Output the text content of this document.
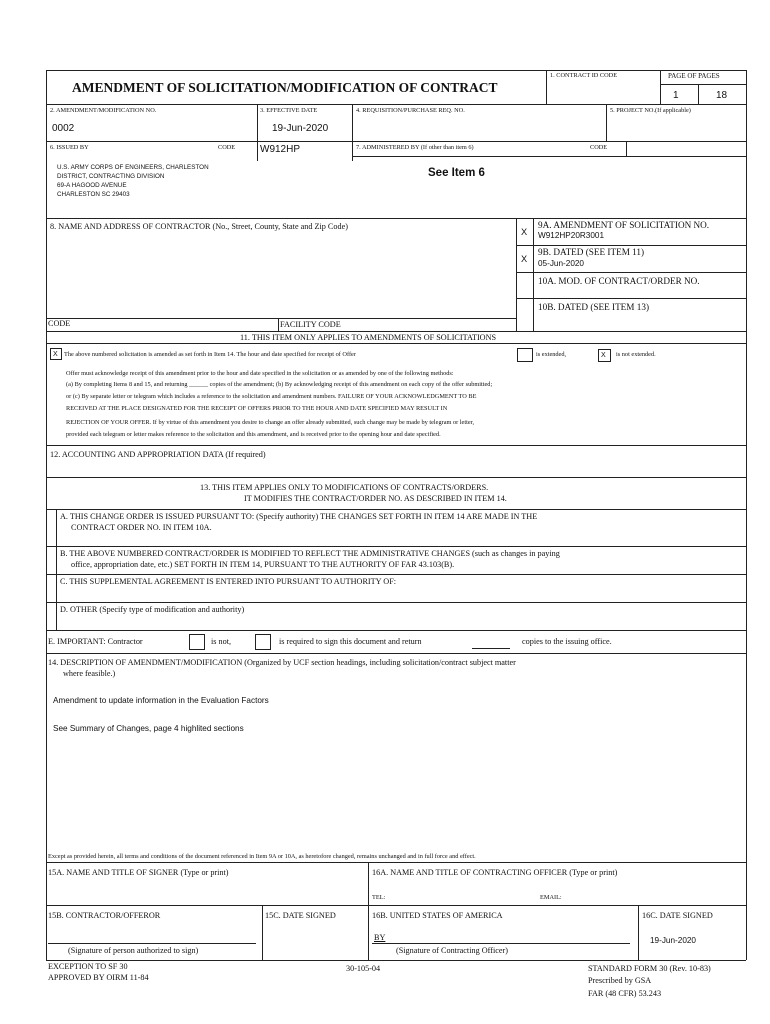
AMENDMENT OF SOLICITATION/MODIFICATION OF CONTRACT
1. CONTRACT ID CODE	PAGE OF PAGES
1	18
2. AMENDMENT/MODIFICATION NO.
0002
3. EFFECTIVE DATE
19-Jun-2020
4. REQUISITION/PURCHASE REQ. NO.	5. PROJECT NO.(If applicable)
6. ISSUED BY	CODE W912HP	7. ADMINISTERED BY (If other than item 6)	CODE
U.S. ARMY CORPS OF ENGINEERS, CHARLESTON
DISTRICT, CONTRACTING DIVISION
69-A HAGOOD AVENUE
CHARLESTON SC 29403
See Item 6
8. NAME AND ADDRESS OF CONTRACTOR (No., Street, County, State and Zip Code)
X
9A. AMENDMENT OF SOLICITATION NO.
W912HP20R3001
X
9B. DATED (SEE ITEM 11)
05-Jun-2020
10A. MOD. OF CONTRACT/ORDER NO.
10B. DATED (SEE ITEM 13)
CODE	FACILITY CODE
11. THIS ITEM ONLY APPLIES TO AMENDMENTS OF SOLICITATIONS
X The above numbered solicitation is amended as set forth in Item 14. The hour and date specified for receipt of Offer	is extended,	X is not extended.
Offer must acknowledge receipt of this amendment prior to the hour and date specified in the solicitation or as amended by one of the following methods:
(a) By completing Items 8 and 15, and returning ______ copies of the amendment; (b) By acknowledging receipt of this amendment on each copy of the offer submitted;
or (c) By separate letter or telegram which includes a reference to the solicitation and amendment numbers. FAILURE OF YOUR ACKNOWLEDGMENT TO BE
RECEIVED AT THE PLACE DESIGNATED FOR THE RECEIPT OF OFFERS PRIOR TO THE HOUR AND DATE SPECIFIED MAY RESULT IN
REJECTION OF YOUR OFFER. If by virtue of this amendment you desire to change an offer already submitted, such change may be made by telegram or letter,
provided each telegram or letter makes reference to the solicitation and this amendment, and is received prior to the opening hour and date specified.
12. ACCOUNTING AND APPROPRIATION DATA (If required)
13. THIS ITEM APPLIES ONLY TO MODIFICATIONS OF CONTRACTS/ORDERS.
IT MODIFIES THE CONTRACT/ORDER NO. AS DESCRIBED IN ITEM 14.
A. THIS CHANGE ORDER IS ISSUED PURSUANT TO: (Specify authority) THE CHANGES SET FORTH IN ITEM 14 ARE MADE IN THE
CONTRACT ORDER NO. IN ITEM 10A.
B. THE ABOVE NUMBERED CONTRACT/ORDER IS MODIFIED TO REFLECT THE ADMINISTRATIVE CHANGES (such as changes in paying
office, appropriation date, etc.) SET FORTH IN ITEM 14, PURSUANT TO THE AUTHORITY OF FAR 43.103(B).
C. THIS SUPPLEMENTAL AGREEMENT IS ENTERED INTO PURSUANT TO AUTHORITY OF:
D. OTHER (Specify type of modification and authority)
E. IMPORTANT: Contractor	is not,	is required to sign this document and return	copies to the issuing office.
14. DESCRIPTION OF AMENDMENT/MODIFICATION (Organized by UCF section headings, including solicitation/contract subject matter
where feasible.)
Amendment to update information in the Evaluation Factors
See Summary of Changes, page 4 highlited sections
Except as provided herein, all terms and conditions of the document referenced in Item 9A or 10A, as heretofore changed, remains unchanged and in full force and effect.
15A. NAME AND TITLE OF SIGNER (Type or print)	16A. NAME AND TITLE OF CONTRACTING OFFICER (Type or print)
TEL:	EMAIL:
15B. CONTRACTOR/OFFEROR	15C. DATE SIGNED
(Signature of person authorized to sign)
16B. UNITED STATES OF AMERICA
BY
(Signature of Contracting Officer)
16C. DATE SIGNED
19-Jun-2020
EXCEPTION TO SF 30
APPROVED BY OIRM 11-84
30-105-04	STANDARD FORM 30 (Rev. 10-83)
Prescribed by GSA
FAR (48 CFR) 53.243
